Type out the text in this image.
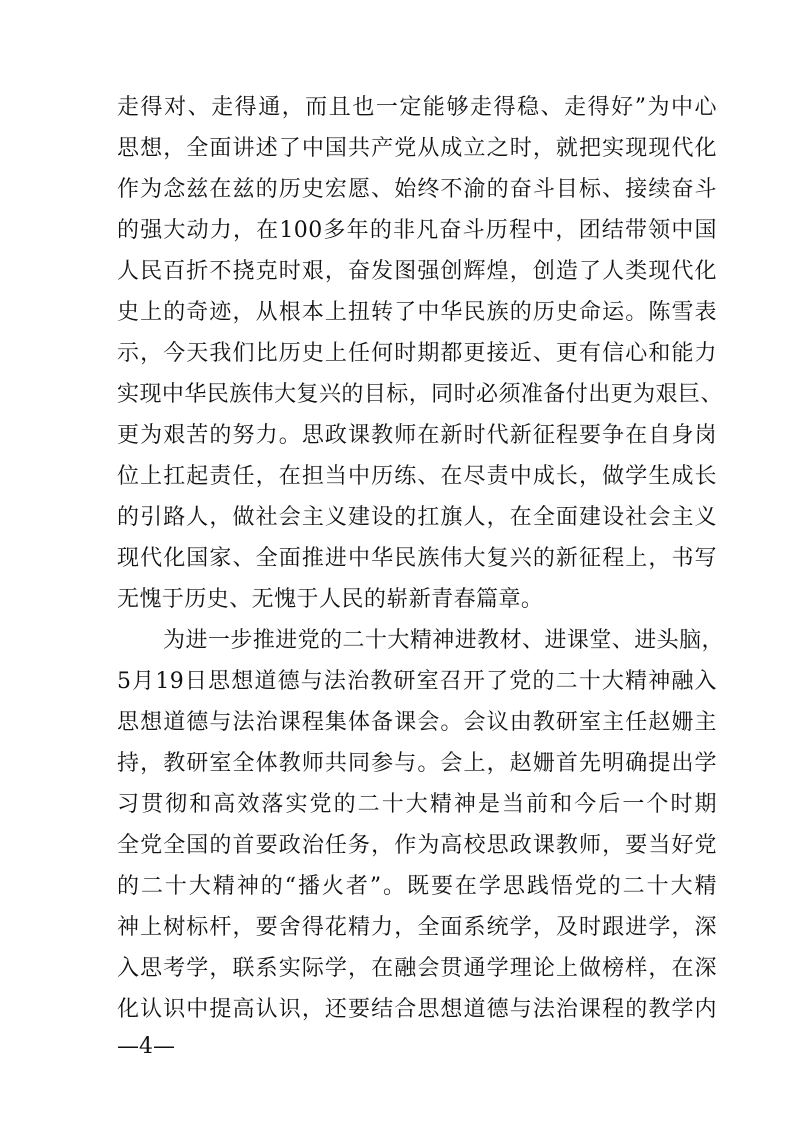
走得对、走得通，而且也一定能够走得稳、走得好”为中心
思想，全面讲述了中国共产党从成立之时，就把实现现代化
作为念兹在兹的历史宏愿、始终不渝的奋斗目标、接续奋斗
的强大动力，在100多年的非凡奋斗历程中，团结带领中国
人民百折不挠克时艰，奋发图强创辉煌，创造了人类现代化
史上的奇迹，从根本上扭转了中华民族的历史命运。陈雪表
示，今天我们比历史上任何时期都更接近、更有信心和能力
实现中华民族伟大复兴的目标，同时必须准备付出更为艰巨、
更为艰苦的努力。思政课教师在新时代新征程要争在自身岗
位上扛起责任，在担当中历练、在尽责中成长，做学生成长
的引路人，做社会主义建设的扛旗人，在全面建设社会主义
现代化国家、全面推进中华民族伟大复兴的新征程上，书写
无愧于历史、无愧于人民的崭新青春篇章。
为进一步推进党的二十大精神进教材、进课堂、进头脑，
5月19日思想道德与法治教研室召开了党的二十大精神融入
思想道德与法治课程集体备课会。会议由教研室主任赵姗主
持，教研室全体教师共同参与。会上，赵姗首先明确提出学
习贯彻和高效落实党的二十大精神是当前和今后一个时期
全党全国的首要政治任务，作为高校思政课教师，要当好党
的二十大精神的“播火者”。既要在学思践悟党的二十大精
神上树标杆，要舍得花精力，全面系统学，及时跟进学，深
入思考学，联系实际学，在融会贯通学理论上做榜样，在深
化认识中提高认识，还要结合思想道德与法治课程的教学内
—4—
